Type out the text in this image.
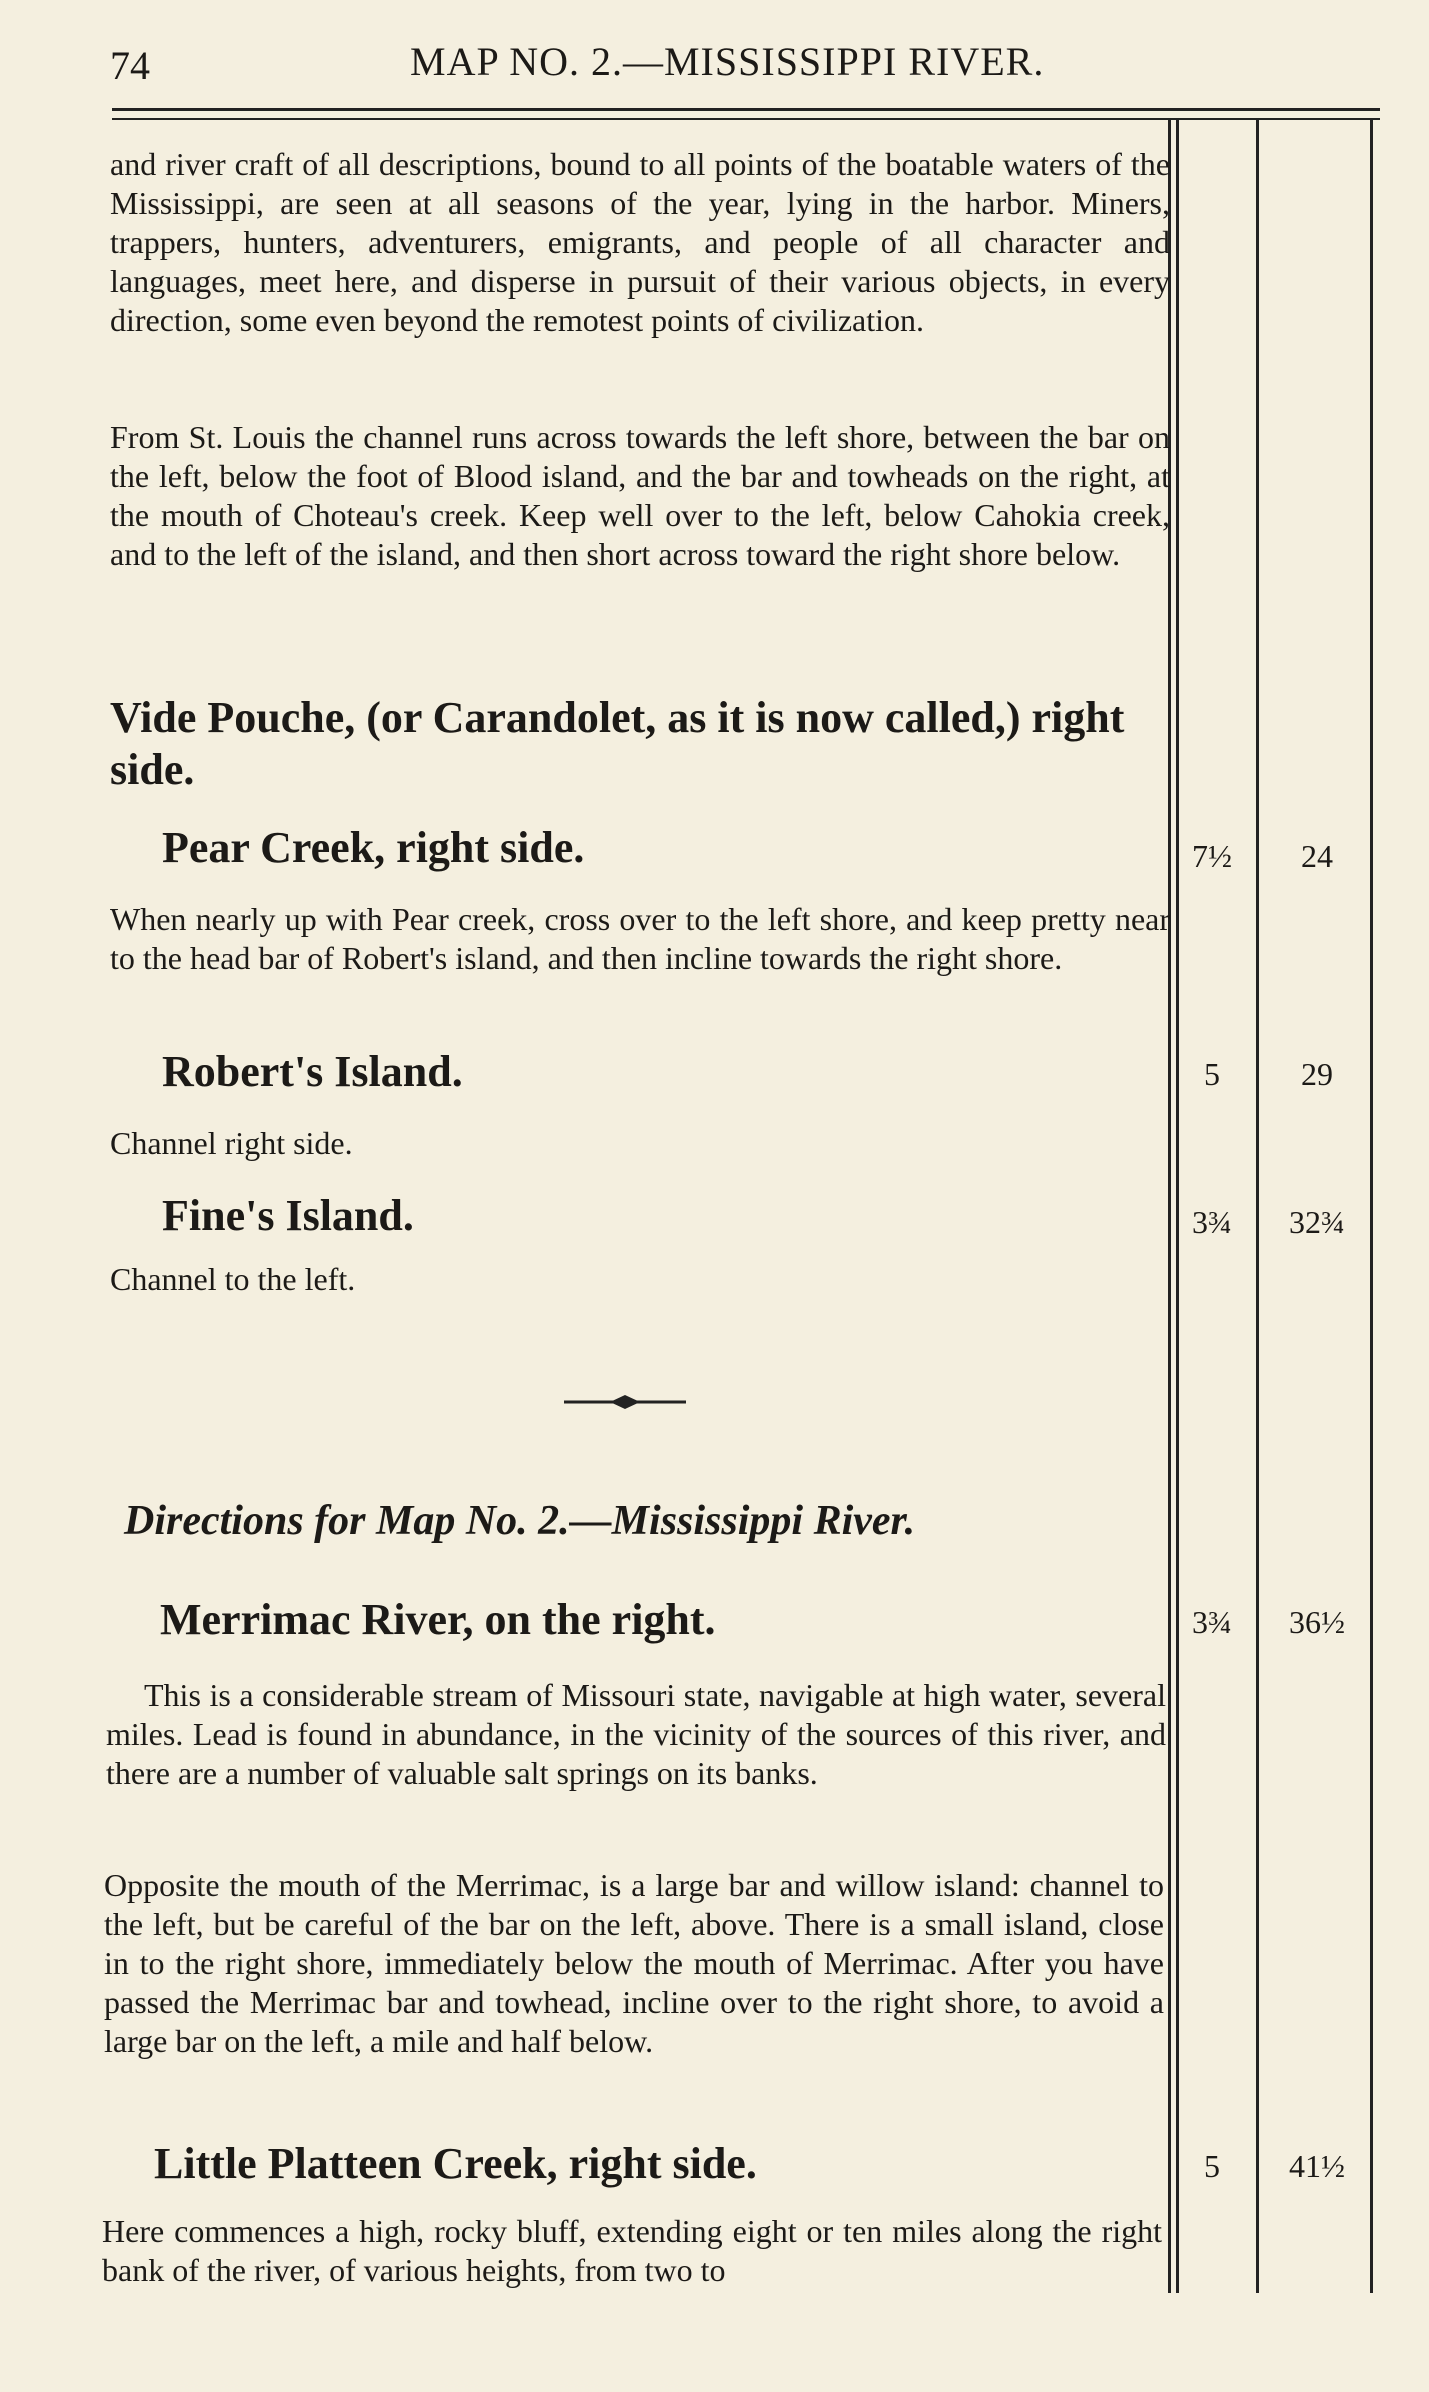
74	MAP NO. 2.—MISSISSIPPI RIVER.

and river craft of all descriptions, bound to all points of the boatable waters of the Mississippi, are seen at all seasons of the year, lying in the harbor. Miners, trappers, hunters, adventurers, emigrants, and people of all character and languages, meet here, and disperse in pursuit of their various objects, in every direction, some even beyond the remotest points of civilization.

From St. Louis the channel runs across towards the left shore, between the bar on the left, below the foot of Blood island, and the bar and towheads on the right, at the mouth of Choteau's creek. Keep well over to the left, below Cahokia creek, and to the left of the island, and then short across toward the right shore below.

Vide Pouche, (or Carandolet, as it is now called,) right side.

Pear Creek, right side.	7½	24

When nearly up with Pear creek, cross over to the left shore, and keep pretty near to the head bar of Robert's island, and then incline towards the right shore.

Robert's Island.	5	29

Channel right side.

Fine's Island.	3¾	32¾

Channel to the left.

Directions for Map No. 2.—Mississippi River.

Merrimac River, on the right.	3¾	36½

This is a considerable stream of Missouri state, navigable at high water, several miles. Lead is found in abundance, in the vicinity of the sources of this river, and there are a number of valuable salt springs on its banks.

Opposite the mouth of the Merrimac, is a large bar and willow island: channel to the left, but be careful of the bar on the left, above. There is a small island, close in to the right shore, immediately below the mouth of Merrimac. After you have passed the Merrimac bar and towhead, incline over to the right shore, to avoid a large bar on the left, a mile and half below.

Little Platteen Creek, right side.	5	41½

Here commences a high, rocky bluff, extending eight or ten miles along the right bank of the river, of various heights, from two to
